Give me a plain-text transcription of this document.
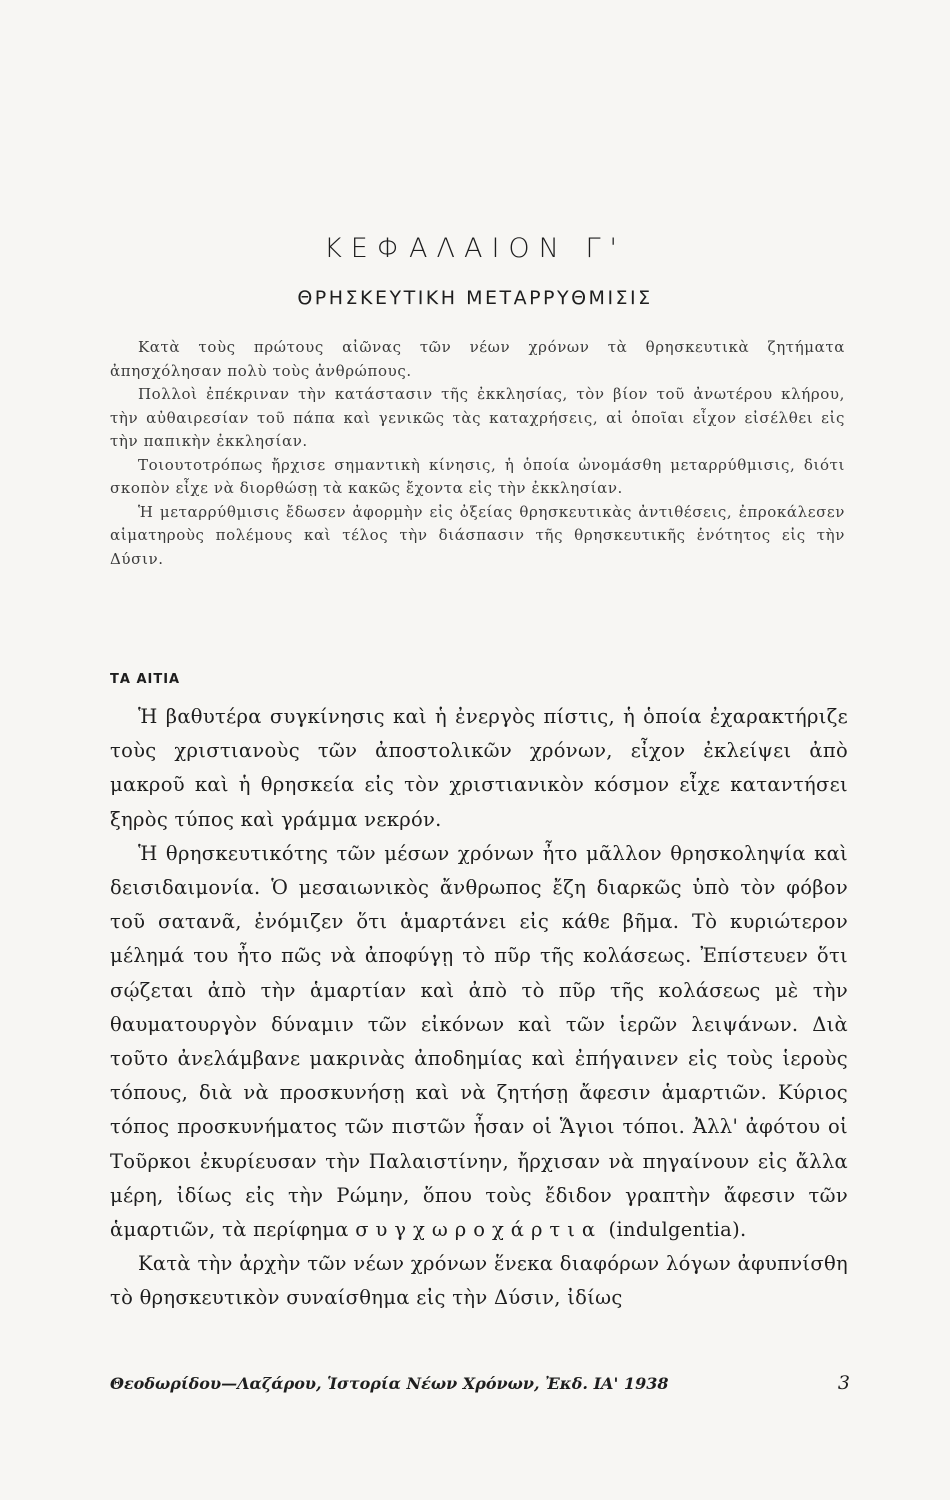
ΚΕΦΑΛΑΙΟΝ Γ'
ΘΡΗΣΚΕΥΤΙΚΗ ΜΕΤΑΡΡΥΘΜΙΣΙΣ

Κατὰ τοὺς πρώτους αἰῶνας τῶν νέων χρόνων τὰ θρησκευτικὰ ζητήματα ἀπησχόλησαν πολὺ τοὺς ἀνθρώπους.

Πολλοὶ ἐπέκριναν τὴν κατάστασιν τῆς ἐκκλησίας, τὸν βίον τοῦ ἀνωτέρου κλήρου, τὴν αὐθαιρεσίαν τοῦ πάπα καὶ γενικῶς τὰς καταχρήσεις, αἱ ὁποῖαι εἶχον εἰσέλθει εἰς τὴν παπικὴν ἐκκλησίαν.

Τοιουτοτρόπως ἤρχισε σημαντικὴ κίνησις, ἡ ὁποία ὠνομάσθη μεταρρύθμισις, διότι σκοπὸν εἶχε νὰ διορθώσῃ τὰ κακῶς ἔχοντα εἰς τὴν ἐκκλησίαν.

Ἡ μεταρρύθμισις ἔδωσεν ἀφορμὴν εἰς ὀξείας θρησκευτικὰς ἀντιθέσεις, ἐπροκάλεσεν αἱματηροὺς πολέμους καὶ τέλος τὴν διάσπασιν τῆς θρησκευτικῆς ἑνότητος εἰς τὴν Δύσιν.

ΤΑ ΑΙΤΙΑ

Ἡ βαθυτέρα συγκίνησις καὶ ἡ ἐνεργὸς πίστις, ἡ ὁποία ἐχαρακτήριζε τοὺς χριστιανοὺς τῶν ἀποστολικῶν χρόνων, εἶχον ἐκλείψει ἀπὸ μακροῦ καὶ ἡ θρησκεία εἰς τὸν χριστιανικὸν κόσμον εἶχε καταντήσει ξηρὸς τύπος καὶ γράμμα νεκρόν.

Ἡ θρησκευτικότης τῶν μέσων χρόνων ἦτο μᾶλλον θρησκοληψία καὶ δεισιδαιμονία. Ὁ μεσαιωνικὸς ἄνθρωπος ἔζη διαρκῶς ὑπὸ τὸν φόβον τοῦ σατανᾶ, ἐνόμιζεν ὅτι ἁμαρτάνει εἰς κάθε βῆμα. Τὸ κυριώτερον μέλημά του ἦτο πῶς νὰ ἀποφύγῃ τὸ πῦρ τῆς κολάσεως. Ἐπίστευεν ὅτι σῴζεται ἀπὸ τὴν ἁμαρτίαν καὶ ἀπὸ τὸ πῦρ τῆς κολάσεως μὲ τὴν θαυματουργὸν δύναμιν τῶν εἰκόνων καὶ τῶν ἱερῶν λειψάνων. Διὰ τοῦτο ἀνελάμβανε μακρινὰς ἀποδημίας καὶ ἐπήγαινεν εἰς τοὺς ἱεροὺς τόπους, διὰ νὰ προσκυνήσῃ καὶ νὰ ζητήσῃ ἄφεσιν ἁμαρτιῶν. Κύριος τόπος προσκυνήματος τῶν πιστῶν ἦσαν οἱ Ἅγιοι τόποι. Ἀλλ' ἀφότου οἱ Τοῦρκοι ἐκυρίευσαν τὴν Παλαιστίνην, ἤρχισαν νὰ πηγαίνουν εἰς ἄλλα μέρη, ἰδίως εἰς τὴν Ρώμην, ὅπου τοὺς ἔδιδον γραπτὴν ἄφεσιν τῶν ἁμαρτιῶν, τὰ περίφημα συγχωροχάρτια (indulgentia).

Κατὰ τὴν ἀρχὴν τῶν νέων χρόνων ἕνεκα διαφόρων λόγων ἀφυπνίσθη τὸ θρησκευτικὸν συναίσθημα εἰς τὴν Δύσιν, ἰδίως

Θεοδωρίδου—Λαζάρου, Ἱστορία Νέων Χρόνων, Ἐκδ. ΙΑ' 1938	3
